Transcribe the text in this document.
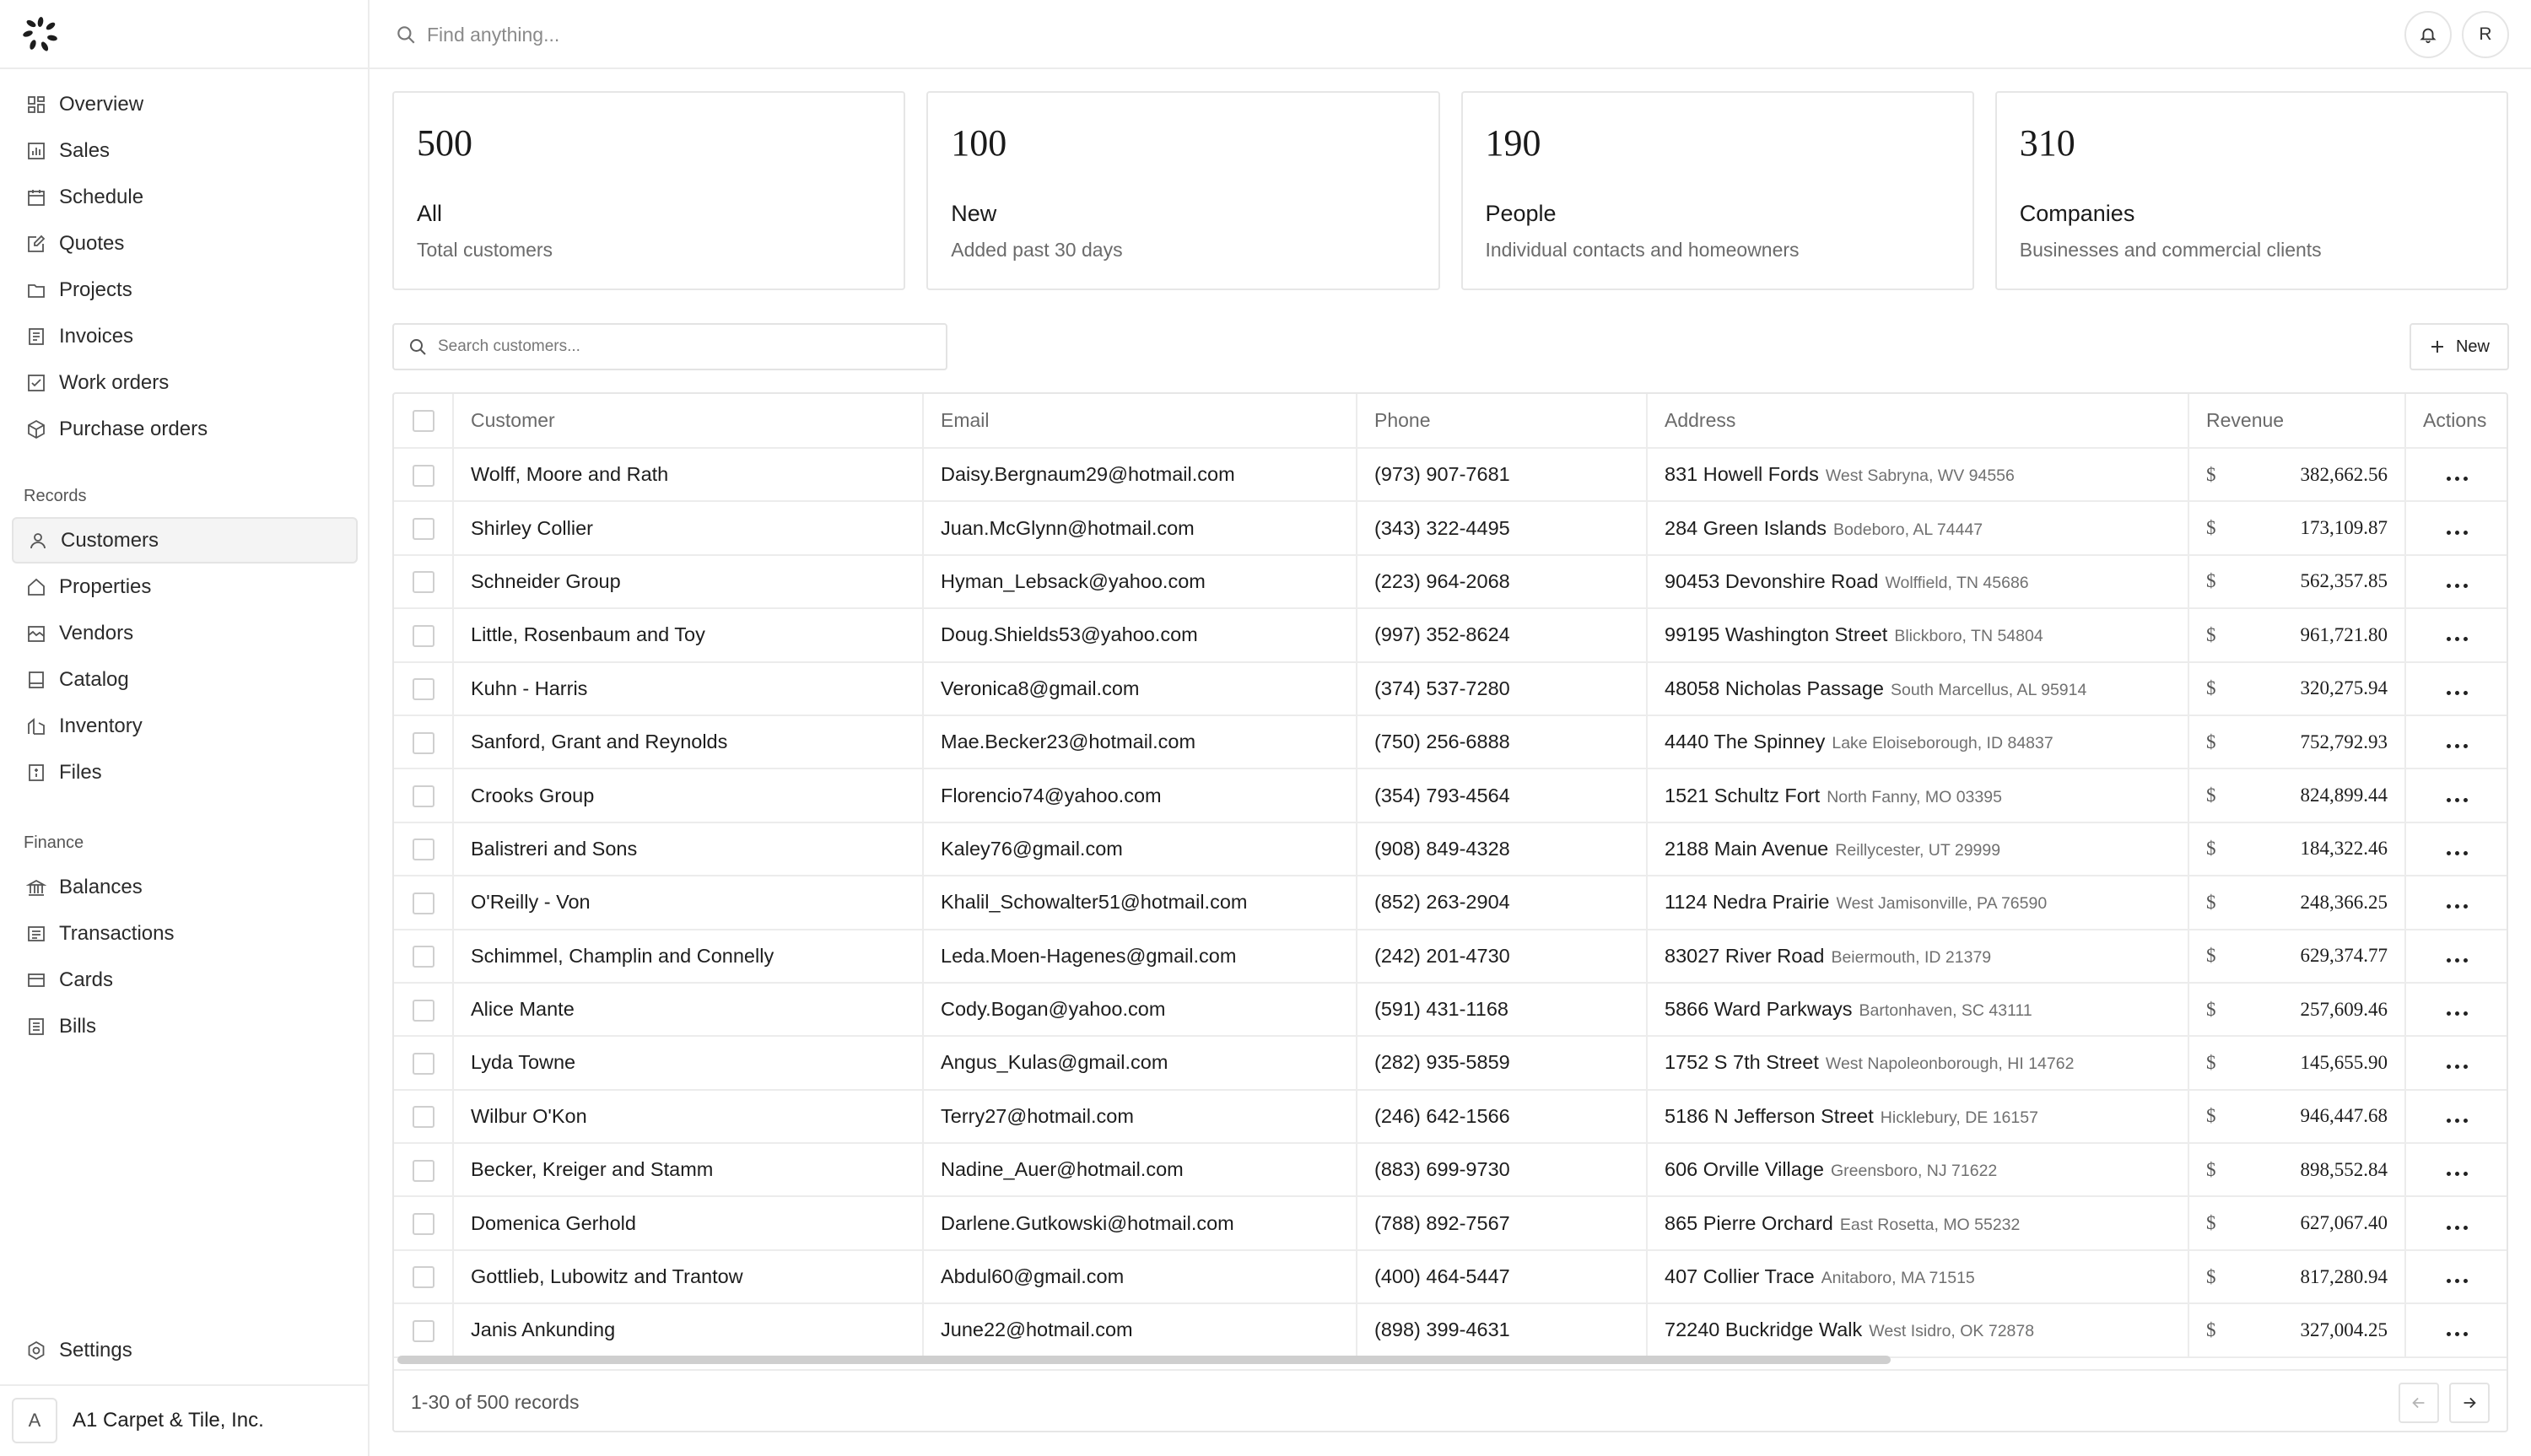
Overview
Sales
Schedule
Quotes
Projects
Invoices
Work orders
Purchase orders
Records
Customers
Properties
Vendors
Catalog
Inventory
Files
Finance
Balances
Transactions
Cards
Bills
Settings
A	A1 Carpet & Tile, Inc.
Find anything...
R
500
All
Total customers
100
New
Added past 30 days
190
People
Individual contacts and homeowners
310
Companies
Businesses and commercial clients
Search customers...
New
	Customer	Email	Phone	Address	Revenue	Actions
	Wolff, Moore and Rath	Daisy.Bergnaum29@hotmail.com	(973) 907-7681	831 Howell Fords West Sabryna, WV 94556	$ 382,662.56	

	Shirley Collier	Juan.McGlynn@hotmail.com	(343) 322-4495	284 Green Islands Bodeboro, AL 74447	$ 173,109.87	

	Schneider Group	Hyman_Lebsack@yahoo.com	(223) 964-2068	90453 Devonshire Road Wolffield, TN 45686	$ 562,357.85	

	Little, Rosenbaum and Toy	Doug.Shields53@yahoo.com	(997) 352-8624	99195 Washington Street Blickboro, TN 54804	$ 961,721.80	

	Kuhn - Harris	Veronica8@gmail.com	(374) 537-7280	48058 Nicholas Passage South Marcellus, AL 95914	$ 320,275.94	

	Sanford, Grant and Reynolds	Mae.Becker23@hotmail.com	(750) 256-6888	4440 The Spinney Lake Eloiseborough, ID 84837	$ 752,792.93	

	Crooks Group	Florencio74@yahoo.com	(354) 793-4564	1521 Schultz Fort North Fanny, MO 03395	$ 824,899.44	

	Balistreri and Sons	Kaley76@gmail.com	(908) 849-4328	2188 Main Avenue Reillycester, UT 29999	$ 184,322.46	

	O'Reilly - Von	Khalil_Schowalter51@hotmail.com	(852) 263-2904	1124 Nedra Prairie West Jamisonville, PA 76590	$ 248,366.25	

	Schimmel, Champlin and Connelly	Leda.Moen-Hagenes@gmail.com	(242) 201-4730	83027 River Road Beiermouth, ID 21379	$ 629,374.77	

	Alice Mante	Cody.Bogan@yahoo.com	(591) 431-1168	5866 Ward Parkways Bartonhaven, SC 43111	$ 257,609.46	

	Lyda Towne	Angus_Kulas@gmail.com	(282) 935-5859	1752 S 7th Street West Napoleonborough, HI 14762	$ 145,655.90	

	Wilbur O'Kon	Terry27@hotmail.com	(246) 642-1566	5186 N Jefferson Street Hicklebury, DE 16157	$ 946,447.68	

	Becker, Kreiger and Stamm	Nadine_Auer@hotmail.com	(883) 699-9730	606 Orville Village Greensboro, NJ 71622	$ 898,552.84	

	Domenica Gerhold	Darlene.Gutkowski@hotmail.com	(788) 892-7567	865 Pierre Orchard East Rosetta, MO 55232	$ 627,067.40	

	Gottlieb, Lubowitz and Trantow	Abdul60@gmail.com	(400) 464-5447	407 Collier Trace Anitaboro, MA 71515	$ 817,280.94	

	Janis Ankunding	June22@hotmail.com	(898) 399-4631	72240 Buckridge Walk West Isidro, OK 72878	$ 327,004.25	

1-30 of 500 records
